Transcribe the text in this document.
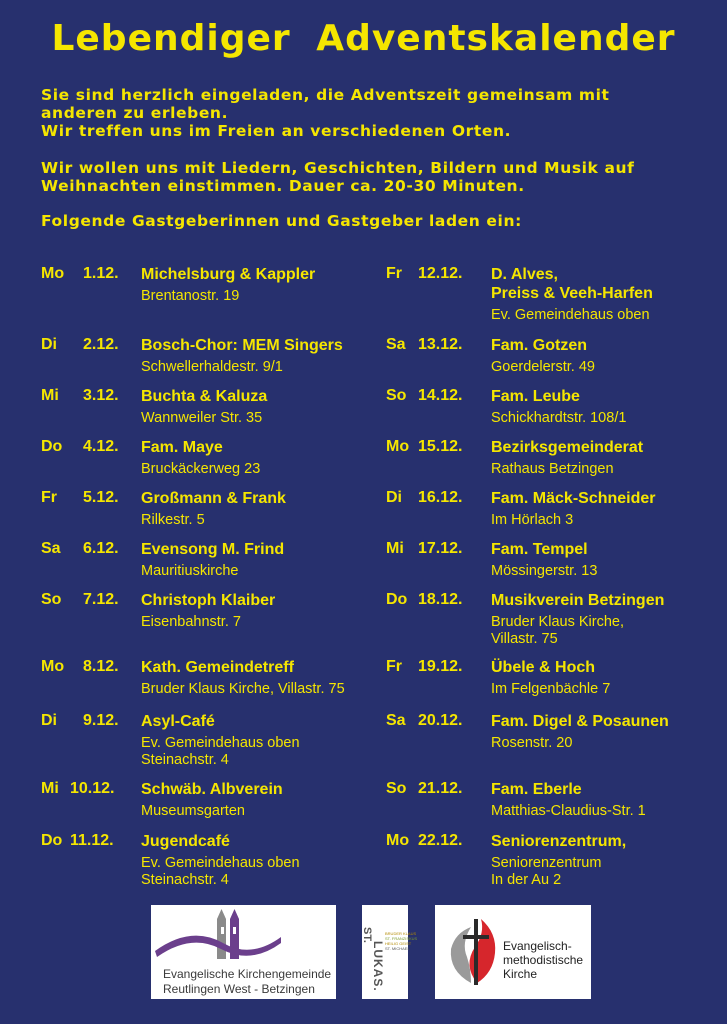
Lebendiger Adventskalender
Sie sind herzlich eingeladen, die Adventszeit gemeinsam mit
anderen zu erleben.
Wir treffen uns im Freien an verschiedenen Orten.
Wir wollen uns mit Liedern, Geschichten, Bildern und Musik auf
Weihnachten einstimmen. Dauer ca. 20-30 Minuten.
Folgende Gastgeberinnen und Gastgeber laden ein:
Mo 1.12. Michelsburg & Kappler
Brentanostr. 19
Di 2.12. Bosch-Chor: MEM Singers
Schwellerhaldestr. 9/1
Mi 3.12. Buchta & Kaluza
Wannweiler Str. 35
Do 4.12. Fam. Maye
Bruckäckerweg 23
Fr 5.12. Großmann & Frank
Rilkestr. 5
Sa 6.12. Evensong M. Frind
Mauritiuskirche
So 7.12. Christoph Klaiber
Eisenbahnstr. 7
Mo 8.12. Kath. Gemeindetreff
Bruder Klaus Kirche, Villastr. 75
Di 9.12. Asyl-Café
Ev. Gemeindehaus oben
Steinachstr. 4
Mi 10.12. Schwäb. Albverein
Museumsgarten
Do 11.12. Jugendcafé
Ev. Gemeindehaus oben
Steinachstr. 4
Fr 12.12. D. Alves,
Preiss & Veeh-Harfen
Ev. Gemeindehaus oben
Sa 13.12. Fam. Gotzen
Goerdelerstr. 49
So 14.12. Fam. Leube
Schickhardtstr. 108/1
Mo 15.12. Bezirksgemeinderat
Rathaus Betzingen
Di 16.12. Fam. Mäck-Schneider
Im Hörlach 3
Mi 17.12. Fam. Tempel
Mössingerstr. 13
Do 18.12. Musikverein Betzingen
Bruder Klaus Kirche,
Villastr. 75
Fr 19.12. Übele & Hoch
Im Felgenbächle 7
Sa 20.12. Fam. Digel & Posaunen
Rosenstr. 20
So 21.12. Fam. Eberle
Matthias-Claudius-Str. 1
Mo 22.12. Seniorenzentrum,
Seniorenzentrum
In der Au 2
Evangelische Kirchengemeinde
Reutlingen West - Betzingen
ST.
LUKAS.
BRUDER KLAUS
ST. FRANZISKUS
HEILIG GEIST
ST. MICHAEL	Evangelisch-
methodistische
Kirche
